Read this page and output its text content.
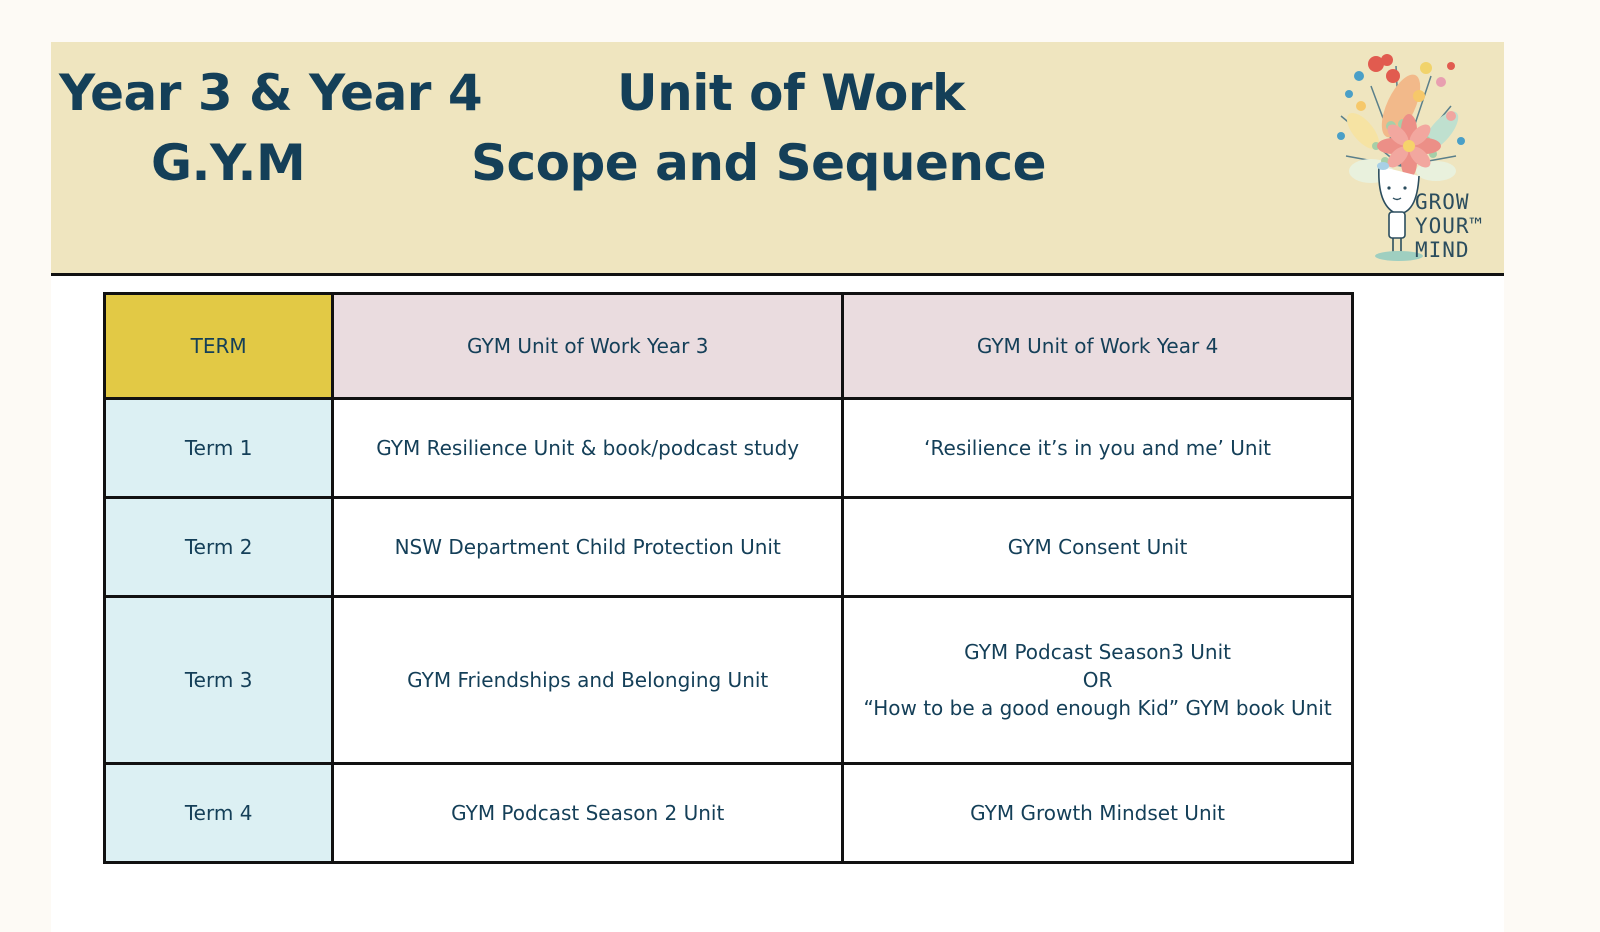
Year 3 & Year 4
G.Y.M
Unit of Work
Scope and Sequence
GROW
YOUR™
MIND
TERM	GYM Unit of Work Year 3	GYM Unit of Work Year 4
Term 1	GYM Resilience Unit & book/podcast study	‘Resilience it’s in you and me’ Unit
Term 2	NSW Department Child Protection Unit	GYM Consent Unit
Term 3	GYM Friendships and Belonging Unit	GYM Podcast Season3 Unit
OR
“How to be a good enough Kid” GYM book Unit

Term 4	GYM Podcast Season 2 Unit	GYM Growth Mindset Unit
